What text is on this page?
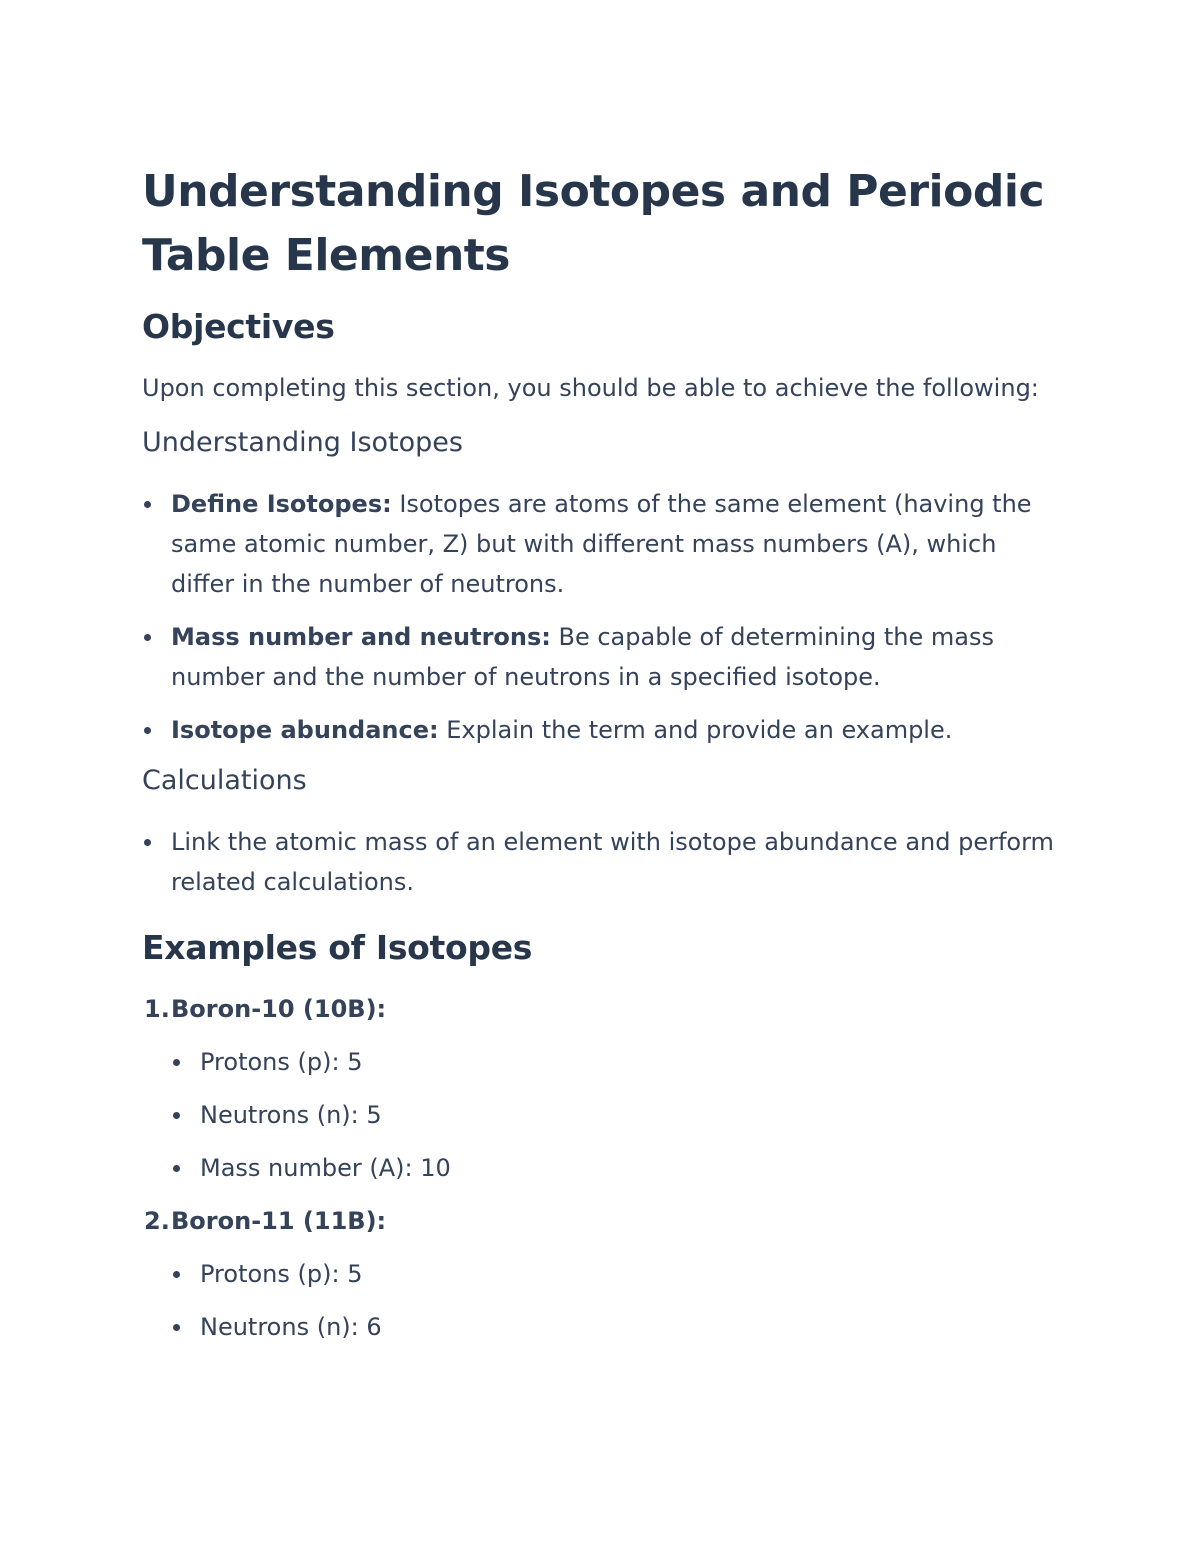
Understanding Isotopes and Periodic Table Elements
Objectives

Upon completing this section, you should be able to achieve the following:

Understanding Isotopes
Define Isotopes: Isotopes are atoms of the same element (having the same atomic number, Z) but with different mass numbers (A), which differ in the number of neutrons.
Mass number and neutrons: Be capable of determining the mass number and the number of neutrons in a specified isotope.
Isotope abundance: Explain the term and provide an example.
Calculations
Link the atomic mass of an element with isotope abundance and perform related calculations.
Examples of Isotopes
1. Boron-10 (10B):
Protons (p): 5
Neutrons (n): 5
Mass number (A): 10
2. Boron-11 (11B):
Protons (p): 5
Neutrons (n): 6
